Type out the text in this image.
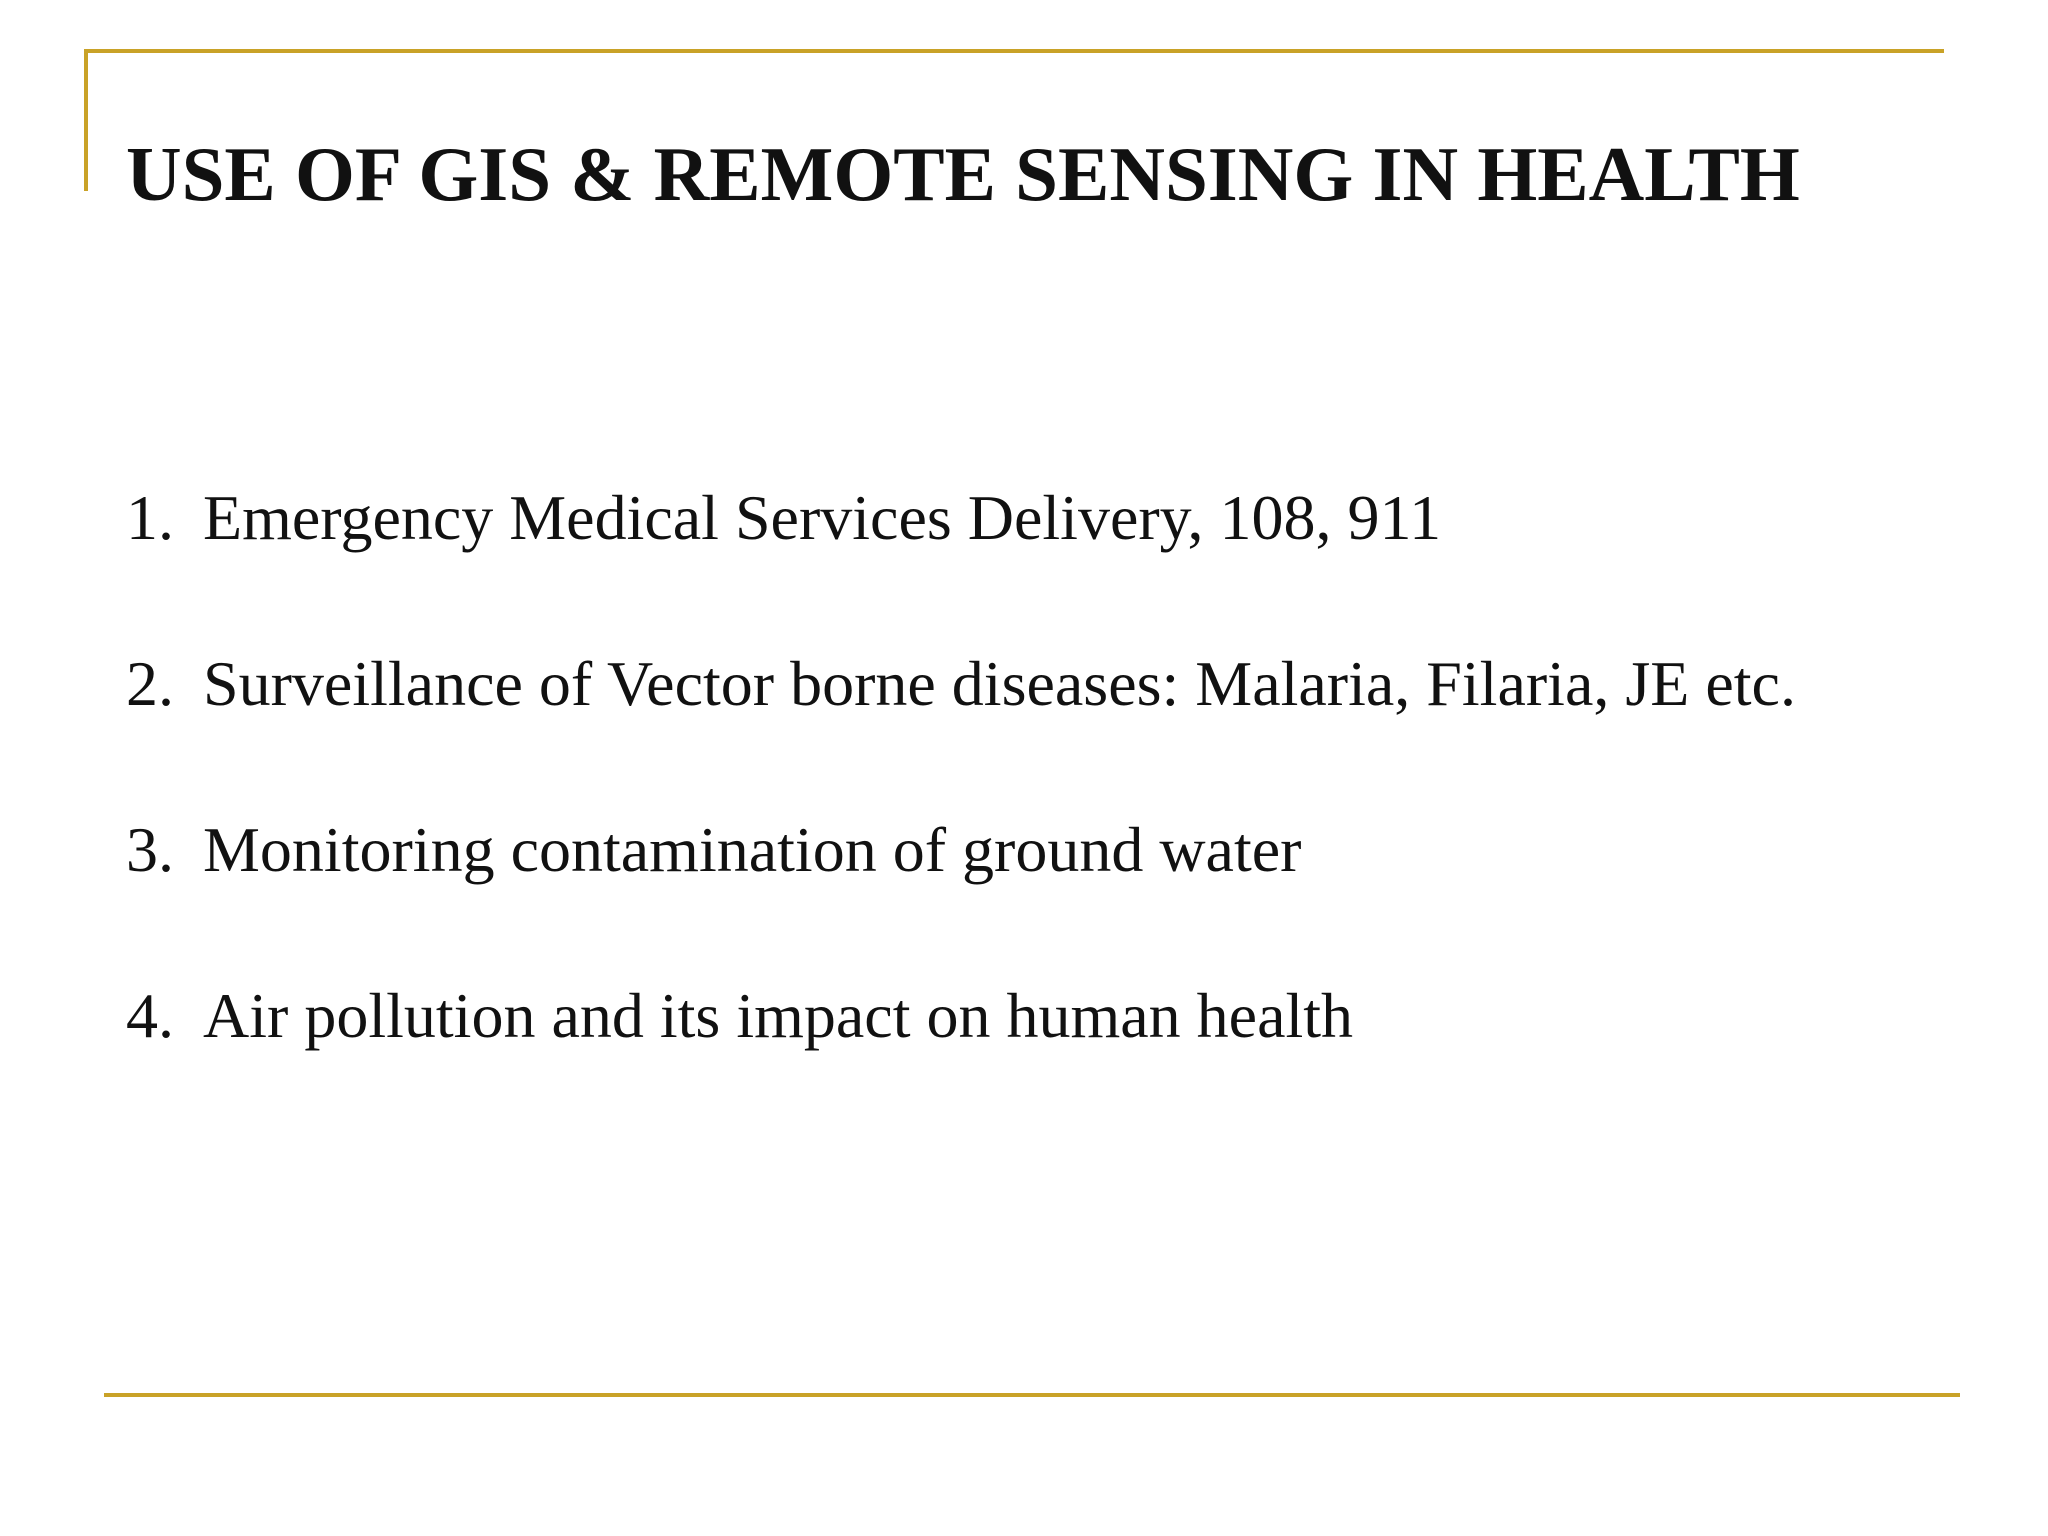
USE OF GIS & REMOTE SENSING IN HEALTH
1. Emergency Medical Services Delivery, 108, 911
2. Surveillance of Vector borne diseases: Malaria, Filaria, JE etc.
3. Monitoring contamination of ground water
4. Air pollution and its impact on human health
